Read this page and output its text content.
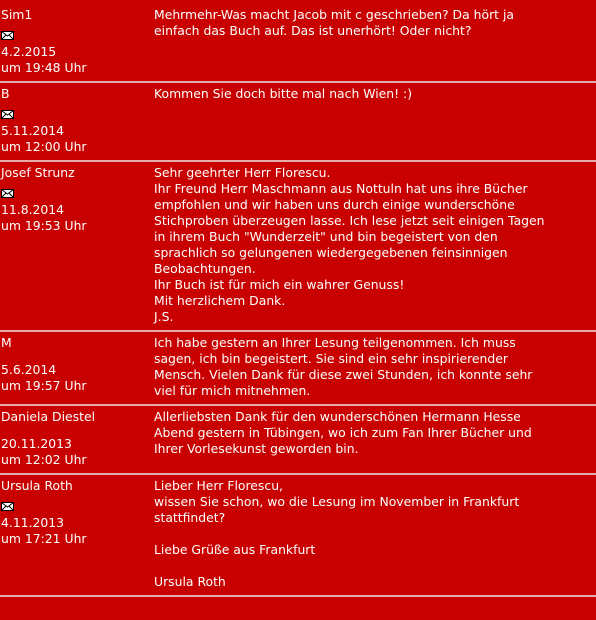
Sim1
4.2.2015
um 19:48 Uhr
Mehrmehr-Was macht Jacob mit c geschrieben? Da hört ja
einfach das Buch auf. Das ist unerhört! Oder nicht?
B
5.11.2014
um 12:00 Uhr
Kommen Sie doch bitte mal nach Wien! :)
Josef Strunz
11.8.2014
um 19:53 Uhr
Sehr geehrter Herr Florescu.
Ihr Freund Herr Maschmann aus Nottuln hat uns ihre Bücher
empfohlen und wir haben uns durch einige wunderschöne
Stichproben überzeugen lasse. Ich lese jetzt seit einigen Tagen
in ihrem Buch "Wunderzeit" und bin begeistert von den
sprachlich so gelungenen wiedergegebenen feinsinnigen
Beobachtungen.
Ihr Buch ist für mich ein wahrer Genuss!
Mit herzlichem Dank.
J.S.
M
5.6.2014
um 19:57 Uhr
Ich habe gestern an Ihrer Lesung teilgenommen. Ich muss
sagen, ich bin begeistert. Sie sind ein sehr inspirierender
Mensch. Vielen Dank für diese zwei Stunden, ich konnte sehr
viel für mich mitnehmen.
Daniela Diestel
20.11.2013
um 12:02 Uhr
Allerliebsten Dank für den wunderschönen Hermann Hesse
Abend gestern in Tübingen, wo ich zum Fan Ihrer Bücher und
Ihrer Vorlesekunst geworden bin.
Ursula Roth
4.11.2013
um 17:21 Uhr
Lieber Herr Florescu,
wissen Sie schon, wo die Lesung im November in Frankfurt
stattfindet?
Liebe Grüße aus Frankfurt
Ursula Roth
